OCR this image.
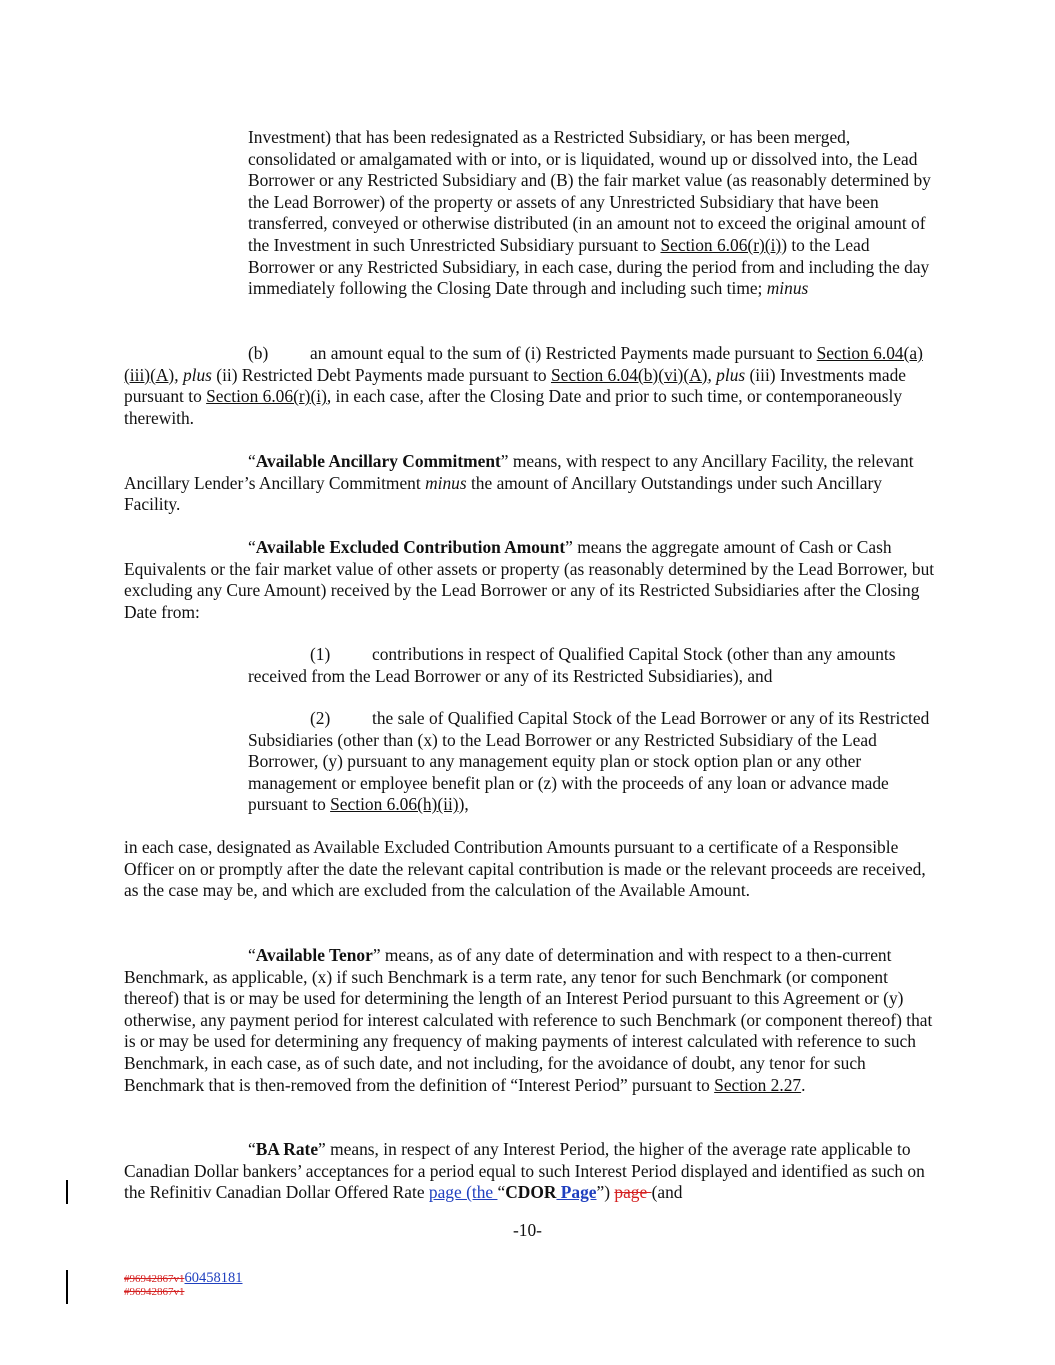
Investment) that has been redesignated as a Restricted Subsidiary, or has been merged, consolidated or amalgamated with or into, or is liquidated, wound up or dissolved into, the Lead Borrower or any Restricted Subsidiary and (B) the fair market value (as reasonably determined by the Lead Borrower) of the property or assets of any Unrestricted Subsidiary that have been transferred, conveyed or otherwise distributed (in an amount not to exceed the original amount of the Investment in such Unrestricted Subsidiary pursuant to Section 6.06(r)(i)) to the Lead Borrower or any Restricted Subsidiary, in each case, during the period from and including the day immediately following the Closing Date through and including such time; minus

(b) an amount equal to the sum of (i) Restricted Payments made pursuant to Section 6.04(a)(iii)(A), plus (ii) Restricted Debt Payments made pursuant to Section 6.04(b)(vi)(A), plus (iii) Investments made pursuant to Section 6.06(r)(i), in each case, after the Closing Date and prior to such time, or contemporaneously therewith.

“Available Ancillary Commitment” means, with respect to any Ancillary Facility, the relevant Ancillary Lender’s Ancillary Commitment minus the amount of Ancillary Outstandings under such Ancillary Facility.

“Available Excluded Contribution Amount” means the aggregate amount of Cash or Cash Equivalents or the fair market value of other assets or property (as reasonably determined by the Lead Borrower, but excluding any Cure Amount) received by the Lead Borrower or any of its Restricted Subsidiaries after the Closing Date from:

(1) contributions in respect of Qualified Capital Stock (other than any amounts received from the Lead Borrower or any of its Restricted Subsidiaries), and

(2) the sale of Qualified Capital Stock of the Lead Borrower or any of its Restricted Subsidiaries (other than (x) to the Lead Borrower or any Restricted Subsidiary of the Lead Borrower, (y) pursuant to any management equity plan or stock option plan or any other management or employee benefit plan or (z) with the proceeds of any loan or advance made pursuant to Section 6.06(h)(ii)),

in each case, designated as Available Excluded Contribution Amounts pursuant to a certificate of a Responsible Officer on or promptly after the date the relevant capital contribution is made or the relevant proceeds are received, as the case may be, and which are excluded from the calculation of the Available Amount.

“Available Tenor” means, as of any date of determination and with respect to a then-current Benchmark, as applicable, (x) if such Benchmark is a term rate, any tenor for such Benchmark (or component thereof) that is or may be used for determining the length of an Interest Period pursuant to this Agreement or (y) otherwise, any payment period for interest calculated with reference to such Benchmark (or component thereof) that is or may be used for determining any frequency of making payments of interest calculated with reference to such Benchmark, in each case, as of such date, and not including, for the avoidance of doubt, any tenor for such Benchmark that is then-removed from the definition of “Interest Period” pursuant to Section 2.27.

“BA Rate” means, in respect of any Interest Period, the higher of the average rate applicable to Canadian Dollar bankers’ acceptances for a period equal to such Interest Period displayed and identified as such on the Refinitiv Canadian Dollar Offered Rate page (the “CDOR Page”) page (and

-10-
#96942867v160458181
#96942867v1
